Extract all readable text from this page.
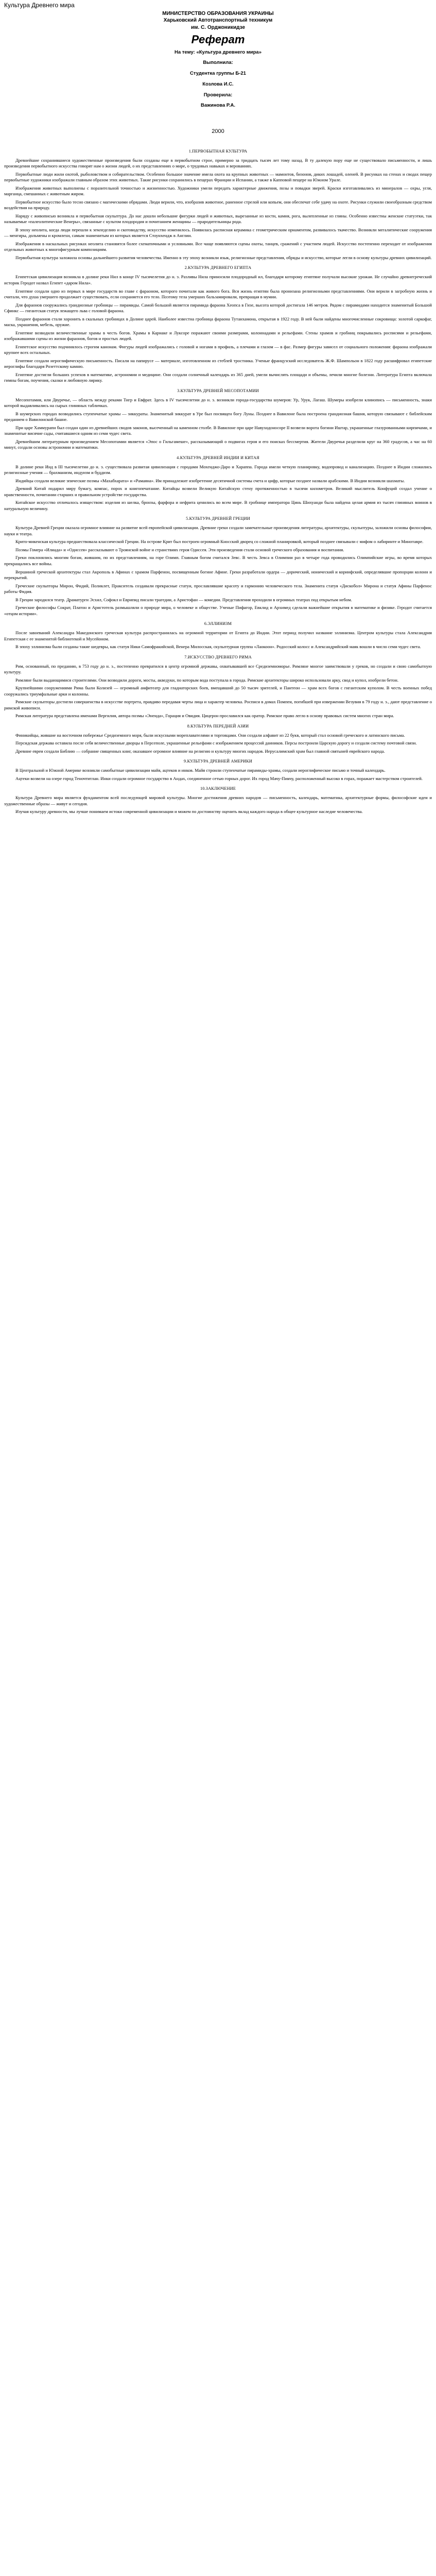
Культура Древнего мира
МИНИСТЕРСТВО ОБРАЗОВАНИЯ УКРАИНЫ
Харьковский Автотранспортный техникум
им. С. Орджоникидзе
Реферат
На тему: «Культура древнего мира»
Выполнила:
Студентка группы Б-21
Козлова И.С.
Проверила:
Важинова Р.А.
2000
1.ПЕРВОБЫТНАЯ КУЛЬТУРА

Древнейшие сохранившиеся художественные произведения были созданы еще в первобытном строе, примерно за тридцать тысяч лет тому назад. В ту далекую пору еще не существовало письменности, и лишь произведения первобытного искусства говорят нам о жизни людей, о их представлениях о мире, о трудовых навыках и верованиях.

Первобытные люди жили охотой, рыболовством и собирательством. Особенно большое значение имела охота на крупных животных — мамонтов, бизонов, диких лошадей, оленей. В рисунках на стенах и сводах пещер первобытные художники изображали главным образом этих животных. Такие рисунки сохранились в пещерах Франции и Испании, а также в Капповой пещере на Южном Урале.

Изображения животных выполнены с поразительной точностью и жизненностью. Художники умели передать характерные движения, позы и повадки зверей. Краски изготавливались из минералов — охры, угля, марганца, смешанных с животным жиром.

Первобытное искусство было тесно связано с магическими обрядами. Люди верили, что, изобразив животное, раненное стрелой или копьем, они обеспечат себе удачу на охоте. Рисунки служили своеобразным средством воздействия на природу.

Наряду с живописью возникла и первобытная скульптура. До нас дошли небольшие фигурки людей и животных, вырезанные из кости, камня, рога, вылепленные из глины. Особенно известны женские статуэтки, так называемые «палеолитические Венеры», связанные с культом плодородия и почитанием женщины — прародительницы рода.

В эпоху неолита, когда люди перешли к земледелию и скотоводству, искусство изменилось. Появилась расписная керамика с геометрическим орнаментом, развивалось ткачество. Возникли мегалитические сооружения — менгиры, дольмены и кромлехи, самым знаменитым из которых является Стоунхендж в Англии.

Изображения в наскальных рисунках неолита становятся более схематичными и условными. Все чаще появляются сцены охоты, танцев, сражений с участием людей. Искусство постепенно переходит от изображения отдельных животных к многофигурным композициям.

Первобытная культура заложила основы дальнейшего развития человечества. Именно в эту эпоху возникли язык, религиозные представления, обряды и искусство, которые легли в основу культуры древних цивилизаций.

2.КУЛЬТУРА ДРЕВНЕГО ЕГИПТА

Египетская цивилизация возникла в долине реки Нил в конце IV тысячелетия до н. э. Разливы Нила приносили плодородный ил, благодаря которому египтяне получали высокие урожаи. Не случайно древнегреческий историк Геродот назвал Египет «даром Нила».

Египтяне создали одно из первых в мире государств во главе с фараоном, которого почитали как живого бога. Вся жизнь египтян была пронизана религиозными представлениями. Они верили в загробную жизнь и считали, что душа умершего продолжает существовать, если сохраняется его тело. Поэтому тела умерших бальзамировали, превращая в мумии.

Для фараонов сооружались грандиозные гробницы — пирамиды. Самой большой является пирамида фараона Хеопса в Гизе, высота которой достигала 146 метров. Рядом с пирамидами находится знаменитый Большой Сфинкс — гигантская статуя лежащего льва с головой фараона.

Позднее фараонов стали хоронить в скальных гробницах в Долине царей. Наиболее известна гробница фараона Тутанхамона, открытая в 1922 году. В ней были найдены многочисленные сокровища: золотой саркофаг, маска, украшения, мебель, оружие.

Египтяне возводили величественные храмы в честь богов. Храмы в Карнаке и Луксоре поражают своими размерами, колоннадами и рельефами. Стены храмов и гробниц покрывались росписями и рельефами, изображавшими сцены из жизни фараонов, богов и простых людей.

Египетское искусство подчинялось строгим канонам. Фигуры людей изображались с головой и ногами в профиль, а плечами и глазом — в фас. Размер фигуры зависел от социального положения: фараона изображали крупнее всех остальных.

Египтяне создали иероглифическую письменность. Писали на папирусе — материале, изготовленном из стеблей тростника. Ученые французский исследователь Ж.Ф. Шампольон в 1822 году расшифровал египетские иероглифы благодаря Розеттскому камню.

Египтяне достигли больших успехов в математике, астрономии и медицине. Они создали солнечный календарь из 365 дней, умели вычислять площади и объемы, лечили многие болезни. Литература Египта включала гимны богам, поучения, сказки и любовную лирику.

3.КУЛЬТУРА ДРЕВНЕЙ МЕСОПОТАМИИ

Месопотамия, или Двуречье, — область между реками Тигр и Евфрат. Здесь в IV тысячелетии до н. э. возникли города-государства шумеров: Ур, Урук, Лагаш. Шумеры изобрели клинопись — письменность, знаки которой выдавливались на сырых глиняных табличках.

В шумерских городах возводились ступенчатые храмы — зиккураты. Знаменитый зиккурат в Уре был посвящен богу Луны. Позднее в Вавилоне была построена грандиозная башня, которую связывают с библейским преданием о Вавилонской башне.

При царе Хаммурапи был создан один из древнейших сводов законов, высеченный на каменном столбе. В Вавилоне при царе Навуходоносоре II возвели ворота богини Иштар, украшенные глазурованными кирпичами, и знаменитые висячие сады, считавшиеся одним из семи чудес света.

Древнейшим литературным произведением Месопотамии является «Эпос о Гильгамеше», рассказывающий о подвигах героя и его поисках бессмертия. Жители Двуречья разделили круг на 360 градусов, а час на 60 минут, создали основы астрономии и математики.

4.КУЛЬТУРА ДРЕВНЕЙ ИНДИИ И КИТАЯ

В долине реки Инд в III тысячелетии до н. э. существовала развитая цивилизация с городами Мохенджо-Даро и Хараппа. Города имели четкую планировку, водопровод и канализацию. Позднее в Индии сложились религиозные учения — брахманизм, индуизм и буддизм.

Индийцы создали великие эпические поэмы «Махабхарата» и «Рамаяна». Им принадлежит изобретение десятичной системы счета и цифр, которые позднее назвали арабскими. В Индии возникли шахматы.

Древний Китай подарил миру бумагу, компас, порох и книгопечатание. Китайцы возвели Великую Китайскую стену протяженностью в тысячи километров. Великий мыслитель Конфуций создал учение о нравственности, почитании старших и правильном устройстве государства.

Китайское искусство отличалось изяществом: изделия из шелка, бронзы, фарфора и нефрита ценились во всем мире. В гробнице императора Цинь Шихуанди была найдена целая армия из тысяч глиняных воинов в натуральную величину.

5.КУЛЬТУРА ДРЕВНЕЙ ГРЕЦИИ

Культура Древней Греции оказала огромное влияние на развитие всей европейской цивилизации. Древние греки создали замечательные произведения литературы, архитектуры, скульптуры, заложили основы философии, науки и театра.

Крито-микенская культура предшествовала классической Греции. На острове Крит был построен огромный Кносский дворец со сложной планировкой, который позднее связывали с мифом о лабиринте и Минотавре.

Поэмы Гомера «Илиада» и «Одиссея» рассказывают о Троянской войне и странствиях героя Одиссея. Эти произведения стали основой греческого образования и воспитания.

Греки поклонялись многим богам, жившим, по их представлениям, на горе Олимп. Главным богом считался Зевс. В честь Зевса в Олимпии раз в четыре года проводились Олимпийские игры, во время которых прекращались все войны.

Вершиной греческой архитектуры стал Акрополь в Афинах с храмом Парфенон, посвященным богине Афине. Греки разработали ордера — дорический, ионический и коринфский, определявшие пропорции колонн и перекрытий.

Греческие скульпторы Мирон, Фидий, Поликлет, Пракситель создавали прекрасные статуи, прославлявшие красоту и гармонию человеческого тела. Знаменита статуя «Дискобол» Мирона и статуя Афины Парфенос работы Фидия.

В Греции зародился театр. Драматурги Эсхил, Софокл и Еврипид писали трагедии, а Аристофан — комедии. Представления проходили в огромных театрах под открытым небом.

Греческие философы Сократ, Платон и Аристотель размышляли о природе мира, о человеке и обществе. Ученые Пифагор, Евклид и Архимед сделали важнейшие открытия в математике и физике. Геродот считается «отцом истории».

6.ЭЛЛИНИЗМ

После завоеваний Александра Македонского греческая культура распространилась на огромной территории от Египта до Индии. Этот период получил название эллинизма. Центром культуры стала Александрия Египетская с ее знаменитой библиотекой и Мусейоном.

В эпоху эллинизма были созданы такие шедевры, как статуя Ники Самофракийской, Венера Милосская, скульптурная группа «Лаокоон». Родосский колосс и Александрийский маяк вошли в число семи чудес света.

7.ИСКУССТВО ДРЕВНЕГО РИМА

Рим, основанный, по преданию, в 753 году до н. э., постепенно превратился в центр огромной державы, охватывавшей все Средиземноморье. Римляне многое заимствовали у греков, но создали и свою самобытную культуру.

Римляне были выдающимися строителями. Они возводили дороги, мосты, акведуки, по которым вода поступала в города. Римские архитекторы широко использовали арку, свод и купол, изобрели бетон.

Крупнейшими сооружениями Рима были Колизей — огромный амфитеатр для гладиаторских боев, вмещавший до 50 тысяч зрителей, и Пантеон — храм всех богов с гигантским куполом. В честь военных побед сооружались триумфальные арки и колонны.

Римские скульпторы достигли совершенства в искусстве портрета, правдиво передавая черты лица и характер человека. Росписи в домах Помпеи, погибшей при извержении Везувия в 79 году н. э., дают представление о римской живописи.

Римская литература представлена именами Вергилия, автора поэмы «Энеида», Горация и Овидия. Цицерон прославился как оратор. Римское право легло в основу правовых систем многих стран мира.

8.КУЛЬТУРА ПЕРЕДНЕЙ АЗИИ

Финикийцы, жившие на восточном побережье Средиземного моря, были искусными мореплавателями и торговцами. Они создали алфавит из 22 букв, который стал основой греческого и латинского письма.

Персидская держава оставила после себя величественные дворцы в Персеполе, украшенные рельефами с изображением процессий данников. Персы построили Царскую дорогу и создали систему почтовой связи.

Древние евреи создали Библию — собрание священных книг, оказавшее огромное влияние на религию и культуру многих народов. Иерусалимский храм был главной святыней еврейского народа.

9.КУЛЬТУРА ДРЕВНЕЙ АМЕРИКИ

В Центральной и Южной Америке возникли самобытные цивилизации майя, ацтеков и инков. Майя строили ступенчатые пирамиды-храмы, создали иероглифическое письмо и точный календарь.

Ацтеки возвели на озере город Теночтитлан. Инки создали огромное государство в Андах, соединенное сетью горных дорог. Их город Мачу-Пикчу, расположенный высоко в горах, поражает мастерством строителей.

10.ЗАКЛЮЧЕНИЕ

Культура Древнего мира является фундаментом всей последующей мировой культуры. Многие достижения древних народов — письменность, календарь, математика, архитектурные формы, философские идеи и художественные образы — живут и сегодня.

Изучая культуру древности, мы лучше понимаем истоки современной цивилизации и можем по достоинству оценить вклад каждого народа в общее культурное наследие человечества.
